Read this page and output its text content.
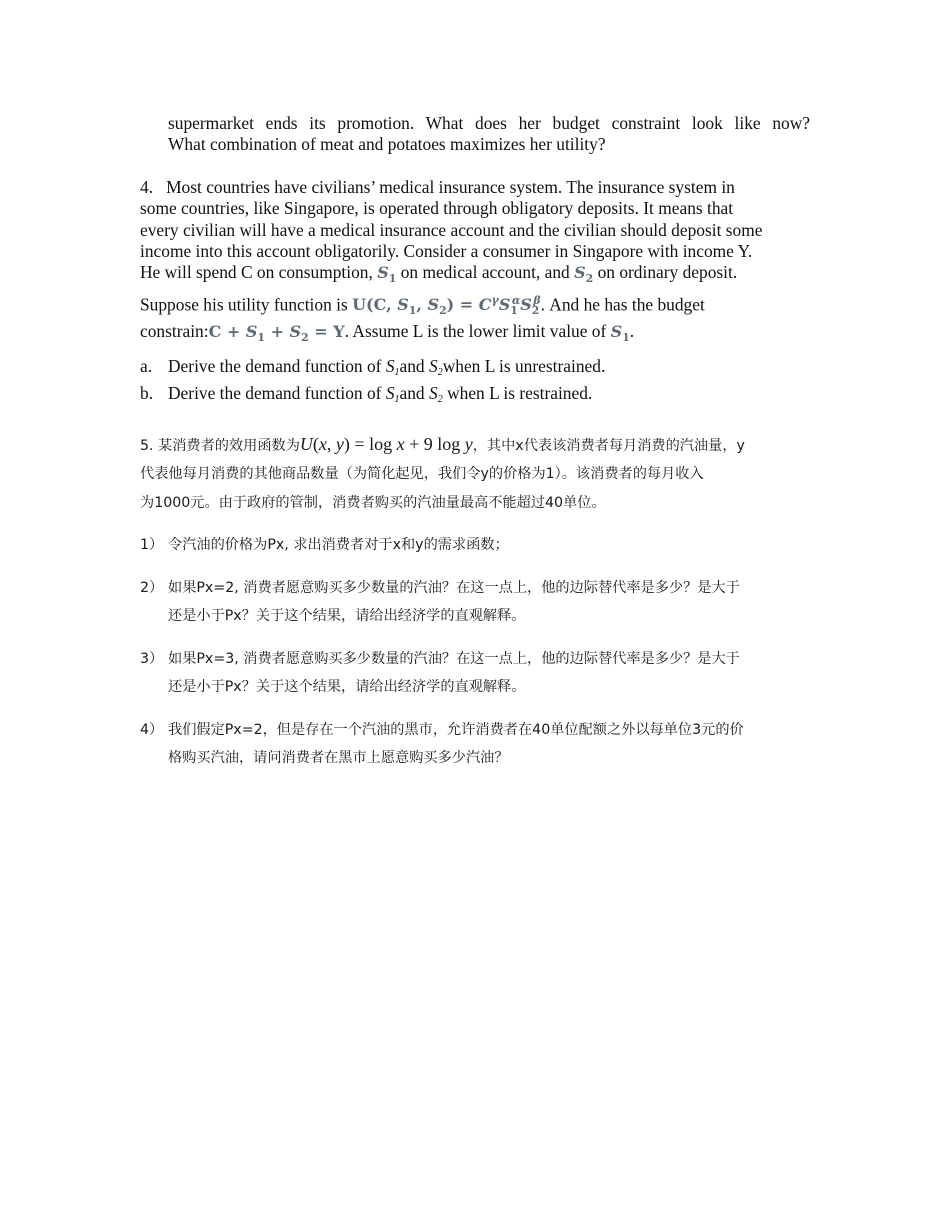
supermarket ends its promotion. What does her budget constraint look like now?
What combination of meat and potatoes maximizes her utility?
4. Most countries have civilians’ medical insurance system. The insurance system in
some countries, like Singapore, is operated through obligatory deposits. It means that
every civilian will have a medical insurance account and the civilian should deposit some
income into this account obligatorily. Consider a consumer in Singapore with income Y.
He will spend C on consumption, $S_1$ on medical account, and $S_2$ on ordinary deposit.
Suppose his utility function is U(C, $S_1$, $S_2) = C^\gamma S_1^\alpha S_2^\beta$. And he has the budget
constrain:C + $S_1 + S_2 = Y$. Assume L is the lower limit value of $S_1$.
a. Derive the demand function of S1and S2when L is unrestrained.
b. Derive the demand function of S1and S2 when L is restrained.
5. 某消费者的效用函数为U(x, y) = log x + 9 log y，其中x代表该消费者每月消费的汽油量，y
代表他每月消费的其他商品数量（为简化起见，我们令y的价格为1）。该消费者的每月收入
为1000元。由于政府的管制，消费者购买的汽油量最高不能超过40单位。
1） 令汽油的价格为Px, 求出消费者对于x和y的需求函数；
2） 如果Px=2, 消费者愿意购买多少数量的汽油？在这一点上，他的边际替代率是多少？是大于
还是小于Px？关于这个结果，请给出经济学的直观解释。
3） 如果Px=3, 消费者愿意购买多少数量的汽油？在这一点上，他的边际替代率是多少？是大于
还是小于Px？关于这个结果，请给出经济学的直观解释。
4） 我们假定Px=2，但是存在一个汽油的黑市，允许消费者在40单位配额之外以每单位3元的价
格购买汽油，请问消费者在黑市上愿意购买多少汽油？
